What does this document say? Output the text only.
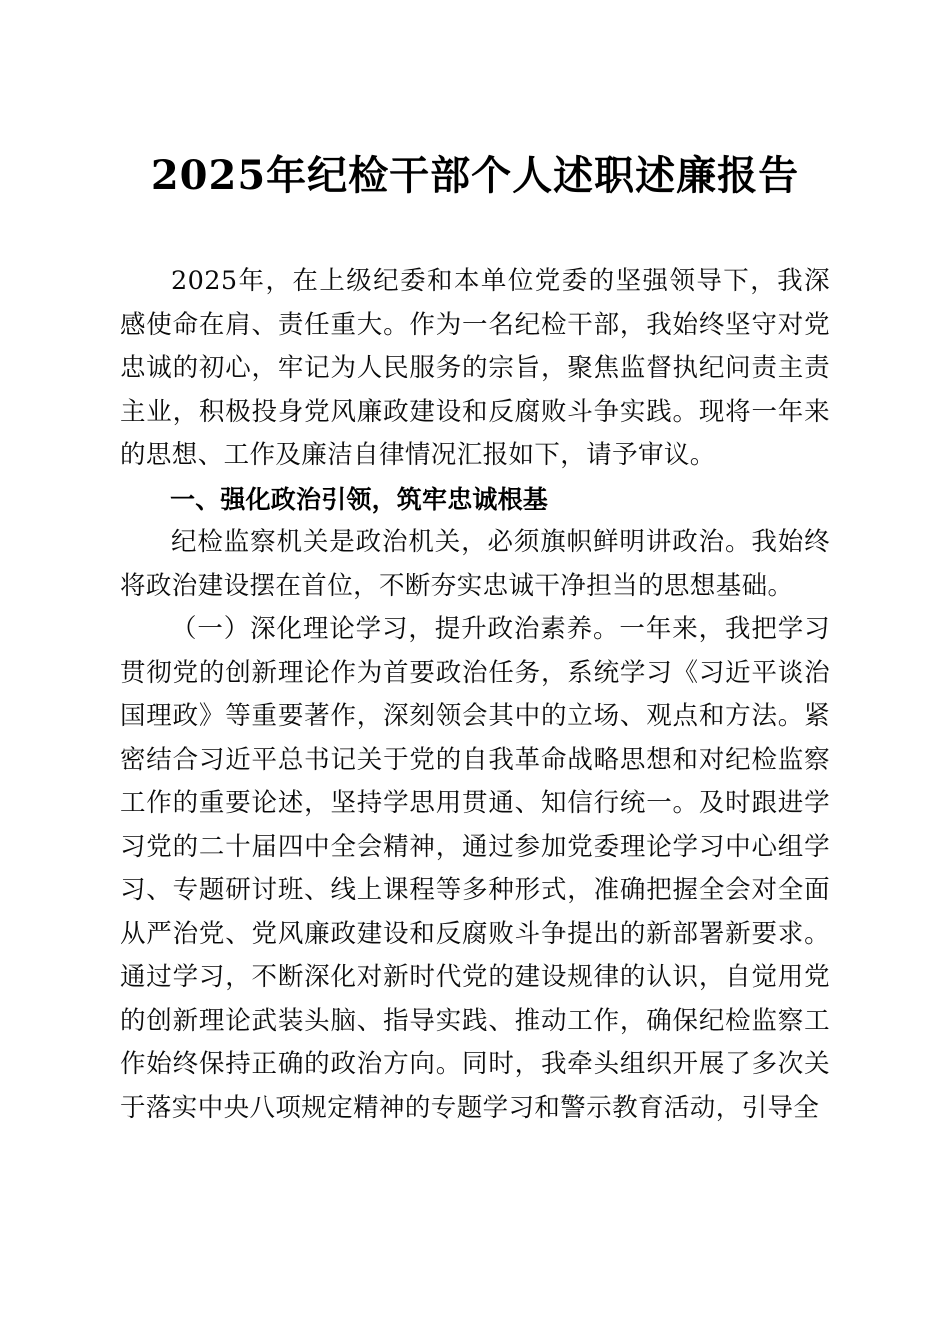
2025年纪检干部个人述职述廉报告

2025年，在上级纪委和本单位党委的坚强领导下，我深感使命在肩、责任重大。作为一名纪检干部，我始终坚守对党忠诚的初心，牢记为人民服务的宗旨，聚焦监督执纪问责主责主业，积极投身党风廉政建设和反腐败斗争实践。现将一年来的思想、工作及廉洁自律情况汇报如下，请予审议。

一、强化政治引领，筑牢忠诚根基

纪检监察机关是政治机关，必须旗帜鲜明讲政治。我始终将政治建设摆在首位，不断夯实忠诚干净担当的思想基础。

（一）深化理论学习，提升政治素养。一年来，我把学习贯彻党的创新理论作为首要政治任务，系统学习《习近平谈治国理政》等重要著作，深刻领会其中的立场、观点和方法。紧密结合习近平总书记关于党的自我革命战略思想和对纪检监察工作的重要论述，坚持学思用贯通、知信行统一。及时跟进学习党的二十届四中全会精神，通过参加党委理论学习中心组学习、专题研讨班、线上课程等多种形式，准确把握全会对全面从严治党、党风廉政建设和反腐败斗争提出的新部署新要求。通过学习，不断深化对新时代党的建设规律的认识，自觉用党的创新理论武装头脑、指导实践、推动工作，确保纪检监察工作始终保持正确的政治方向。同时，我牵头组织开展了多次关于落实中央八项规定精神的专题学习和警示教育活动，引导全
